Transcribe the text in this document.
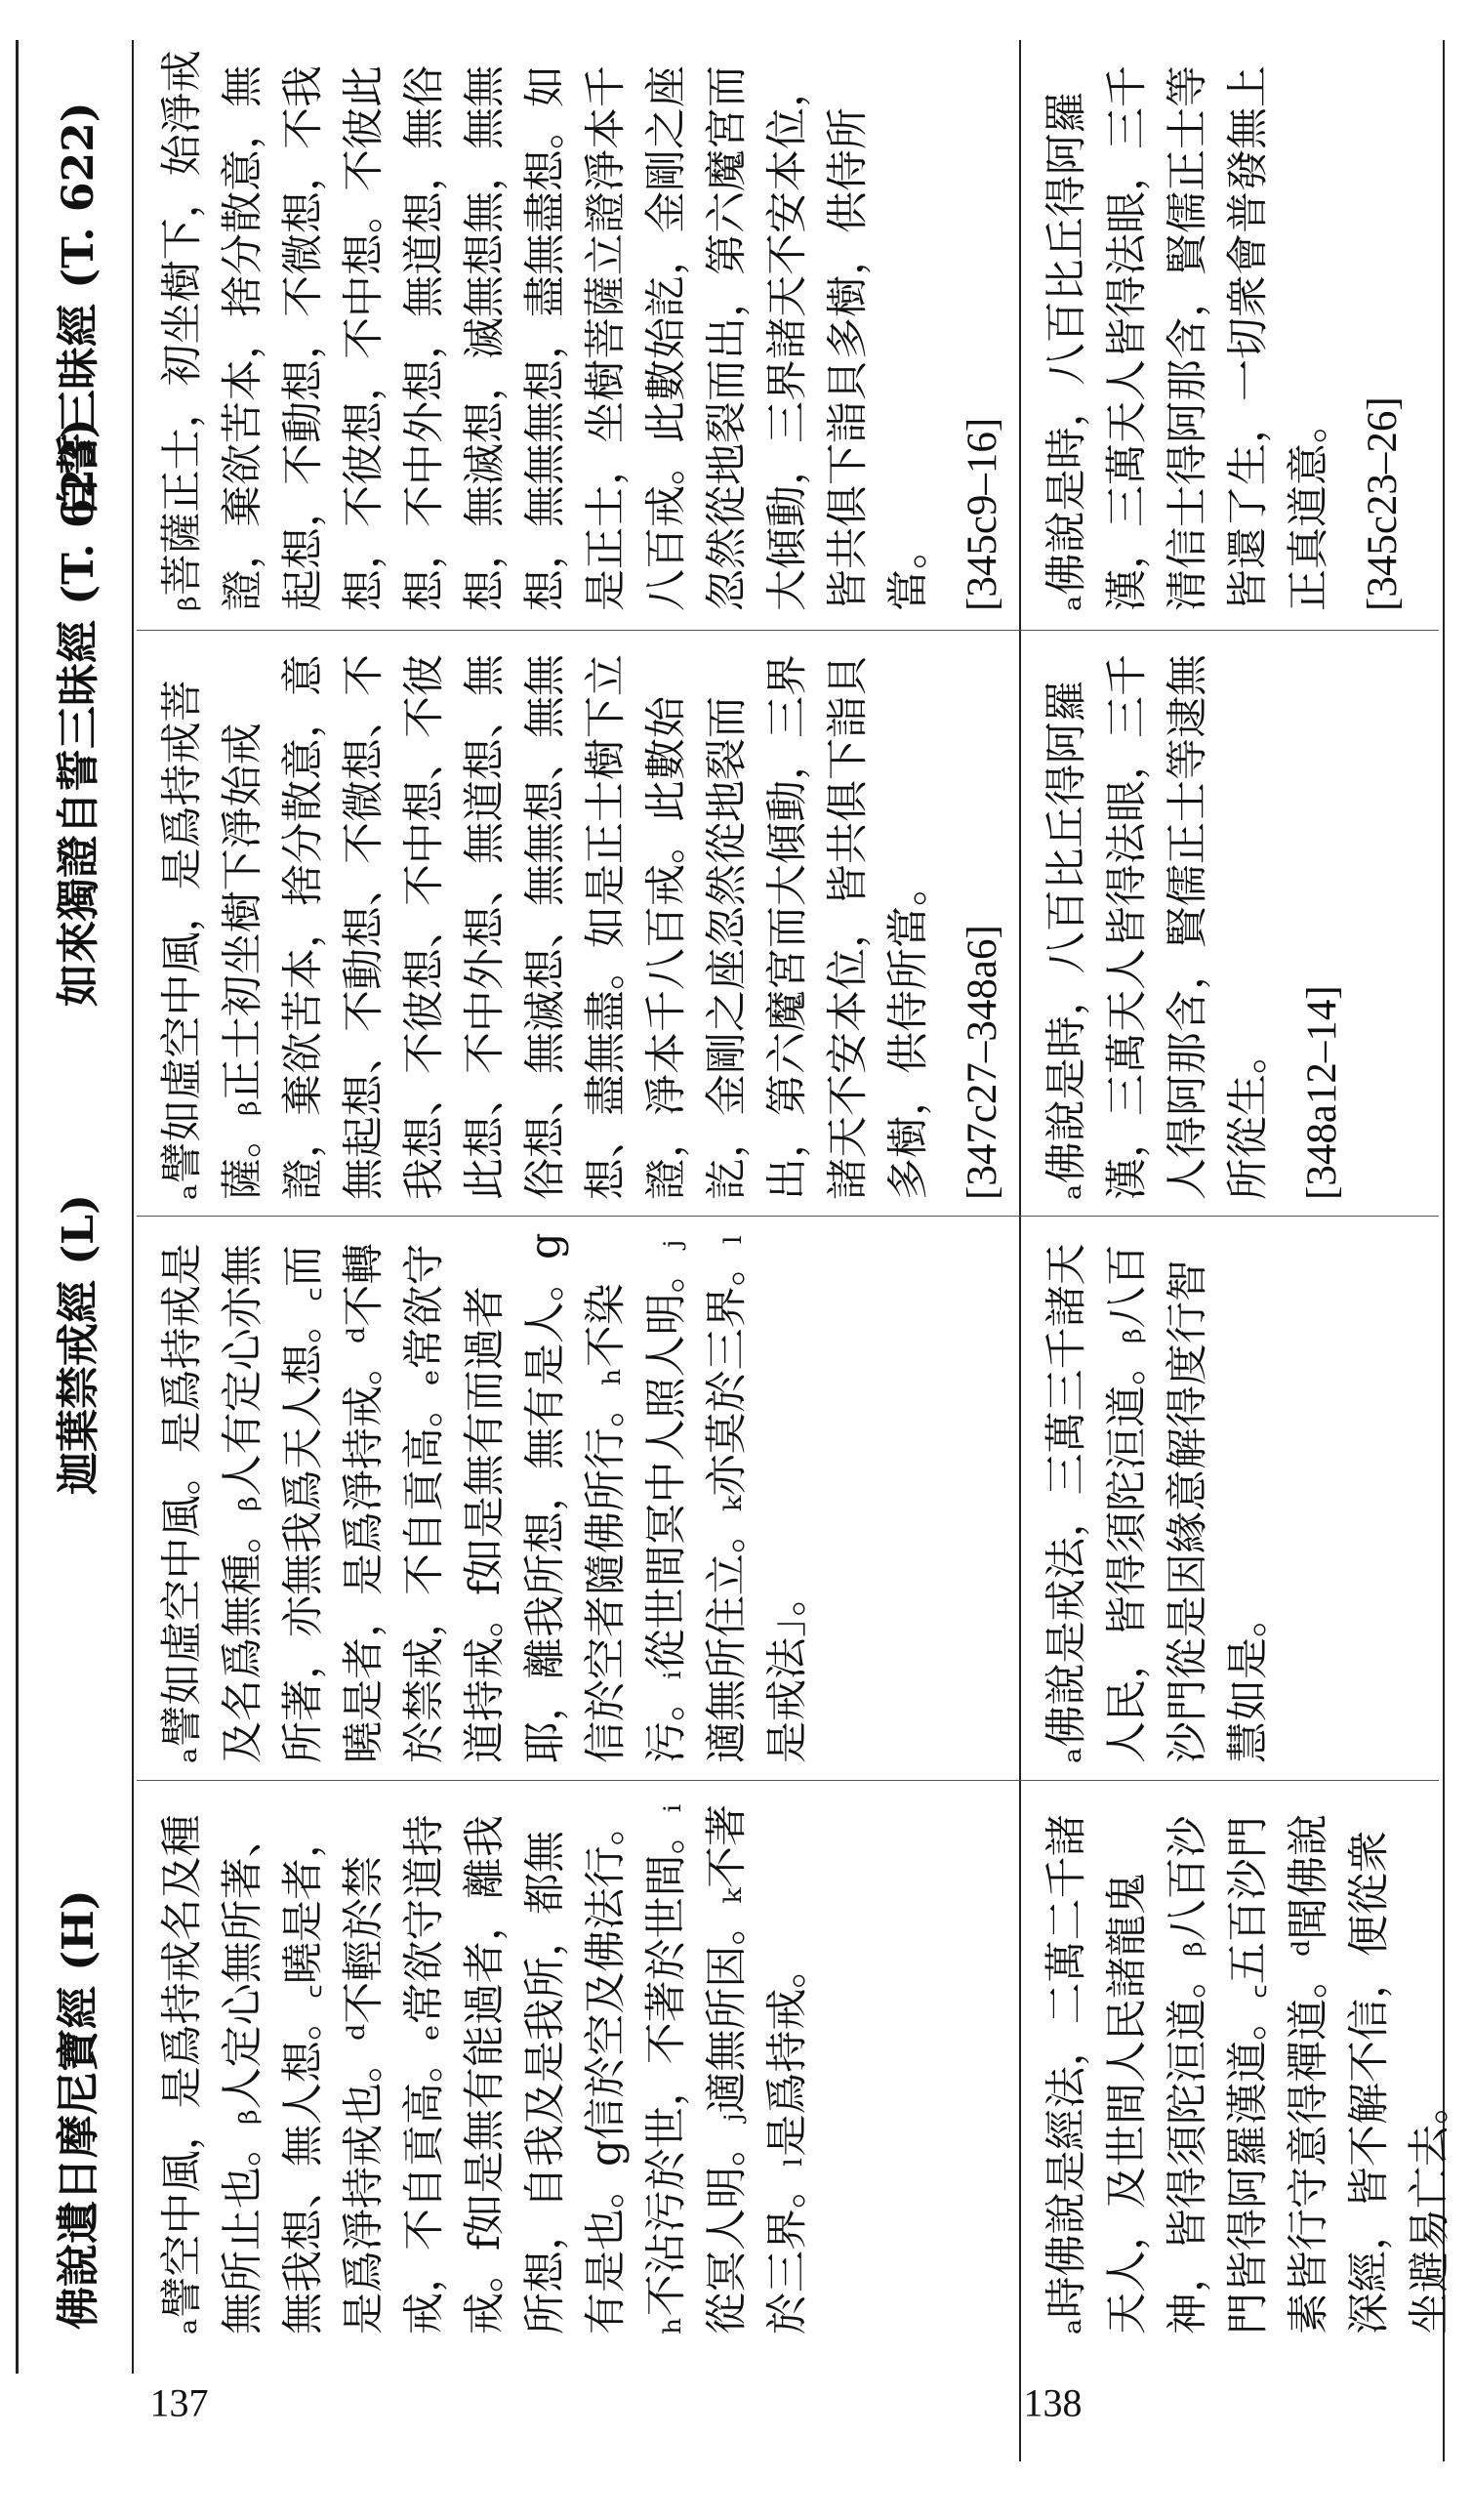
佛說遺日摩尼寶經 (H)
迦葉禁戒經 (L)
如來獨證自誓三昧經 (T. 623)
自誓三昧經 (T. 622)
137	138
ₐ譬空中風，是爲持戒名及種無所止也。ᵦ人定心無所著、無我想、無人想。꜀曉是者，是爲淨持戒也。ᵈ不輕於禁戒，不自貢高。ₑ常欲守道持戒。f如是無有能過者，離我所想，自我及是我所，都無有是也。g信於空及佛法行。ₕ不沾污於世，不著於世間。ᵢ從冥人明。ⱼ適無所因。ₖ不著於三界。ₗ是爲持戒。
ₐ譬如虛空中風。是爲持戒是及名爲無種。ᵦ人有定心亦無所著，亦無我爲天人想。꜀而曉是者，是爲淨持戒。ᵈ不轉於禁戒，不自貢高。ₑ常欲守道持戒。f如是無有而過者耶，離我所想，無有是人。g信於空者隨佛所行。ₕ不染污。ᵢ從世間冥中人照人明。ⱼ適無所住立。ₖ亦莫於三界。ₗ是戒法」。
ₐ譬如虛空中風，是爲持戒菩薩。ᵦ正士初坐樹下淨始戒證，棄欲苦本，捨分散意，意無起想、不動想、不微想、不我想、不彼想、不中想、不彼此想、不中外想、無道想、無俗想、無滅想、無無想、無無想、盡無盡。如是正士樹下立證，淨本千八百戒。此數始訖，金剛之座忽然從地裂而出，第六魔宮而大傾動，三界諸天不安本位，皆共俱下詣貝多樹，供侍所當。 [347c27–348a6]
ᵦ菩薩正士，初坐樹下，始淨戒證，棄欲苦本，捨分散意，無起想，不動想，不微想，不我想，不彼想，不中想。不彼此想，不中外想，無道想，無俗想，無滅想，滅無想無，無無想，無無無想，盡無盡想。如是正士，坐樹菩薩立證淨本千八百戒。此數始訖，金剛之座忽然從地裂而出，第六魔宮而大傾動，三界諸天不安本位，皆共俱下詣貝多樹，供侍所當。 [345c9–16]
ₐ時佛說是經法，二萬二千諸天人，及世間人民諸龍鬼神，皆得須陀洹道。ᵦ八百沙門皆得阿羅漢道。꜀五百沙門素皆行守意得禪道。ᵈ聞佛說深經，皆不解不信，便從衆坐避易亡去。
ₐ佛說是戒法，三萬三千諸天人民，皆得須陀洹道。ᵦ八百沙門從是因緣意解得度行智慧如是。
ₐ佛說是時，八百比丘得阿羅漢，三萬天人皆得法眼，三千人得阿那含，賢儒正士等逮無所從生。 [348a12–14]
ₐ佛說是時，八百比丘得阿羅漢，三萬天人皆得法眼，三千清信士得阿那含，賢儒正士等皆還了生，一切衆會普發無上正真道意。 [345c23–26]
